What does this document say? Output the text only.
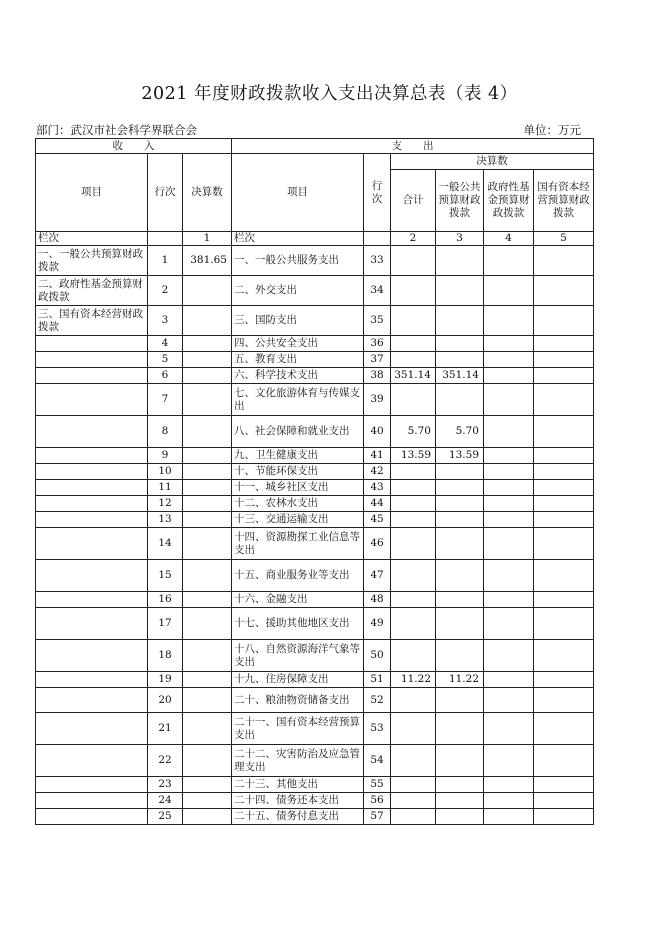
2021 年度财政拨款收入支出决算总表（表 4）
部门：武汉市社会科学界联合会	单位：万元
收　　入			支　　出					
项目	行次	决算数	项目	行次	决算数			
					合计	一般公共预算财政拨款	政府性基金预算财政拨款	国有资本经营预算财政拨款
栏次		1	栏次		2	3	4	5
一、一般公共预算财政拨款	1	381.65	一、一般公共服务支出	33				
二、政府性基金预算财政拨款	2		二、外交支出	34				
三、国有资本经营财政拨款	3		三、国防支出	35				
	4		四、公共安全支出	36				
	5		五、教育支出	37				
	6		六、科学技术支出	38	351.14	351.14		
	7		七、文化旅游体育与传媒支出	39				
	8		八、社会保障和就业支出	40	5.70	5.70		
	9		九、卫生健康支出	41	13.59	13.59		
	10		十、节能环保支出	42				
	11		十一、城乡社区支出	43				
	12		十二、农林水支出	44				
	13		十三、交通运输支出	45				
	14		十四、资源勘探工业信息等支出	46				
	15		十五、商业服务业等支出	47				
	16		十六、金融支出	48				
	17		十七、援助其他地区支出	49				
	18		十八、自然资源海洋气象等支出	50				
	19		十九、住房保障支出	51	11.22	11.22		
	20		二十、粮油物资储备支出	52				
	21		二十一、国有资本经营预算支出	53				
	22		二十二、灾害防治及应急管理支出	54				
	23		二十三、其他支出	55				
	24		二十四、债务还本支出	56				
	25		二十五、债务付息支出	57				
